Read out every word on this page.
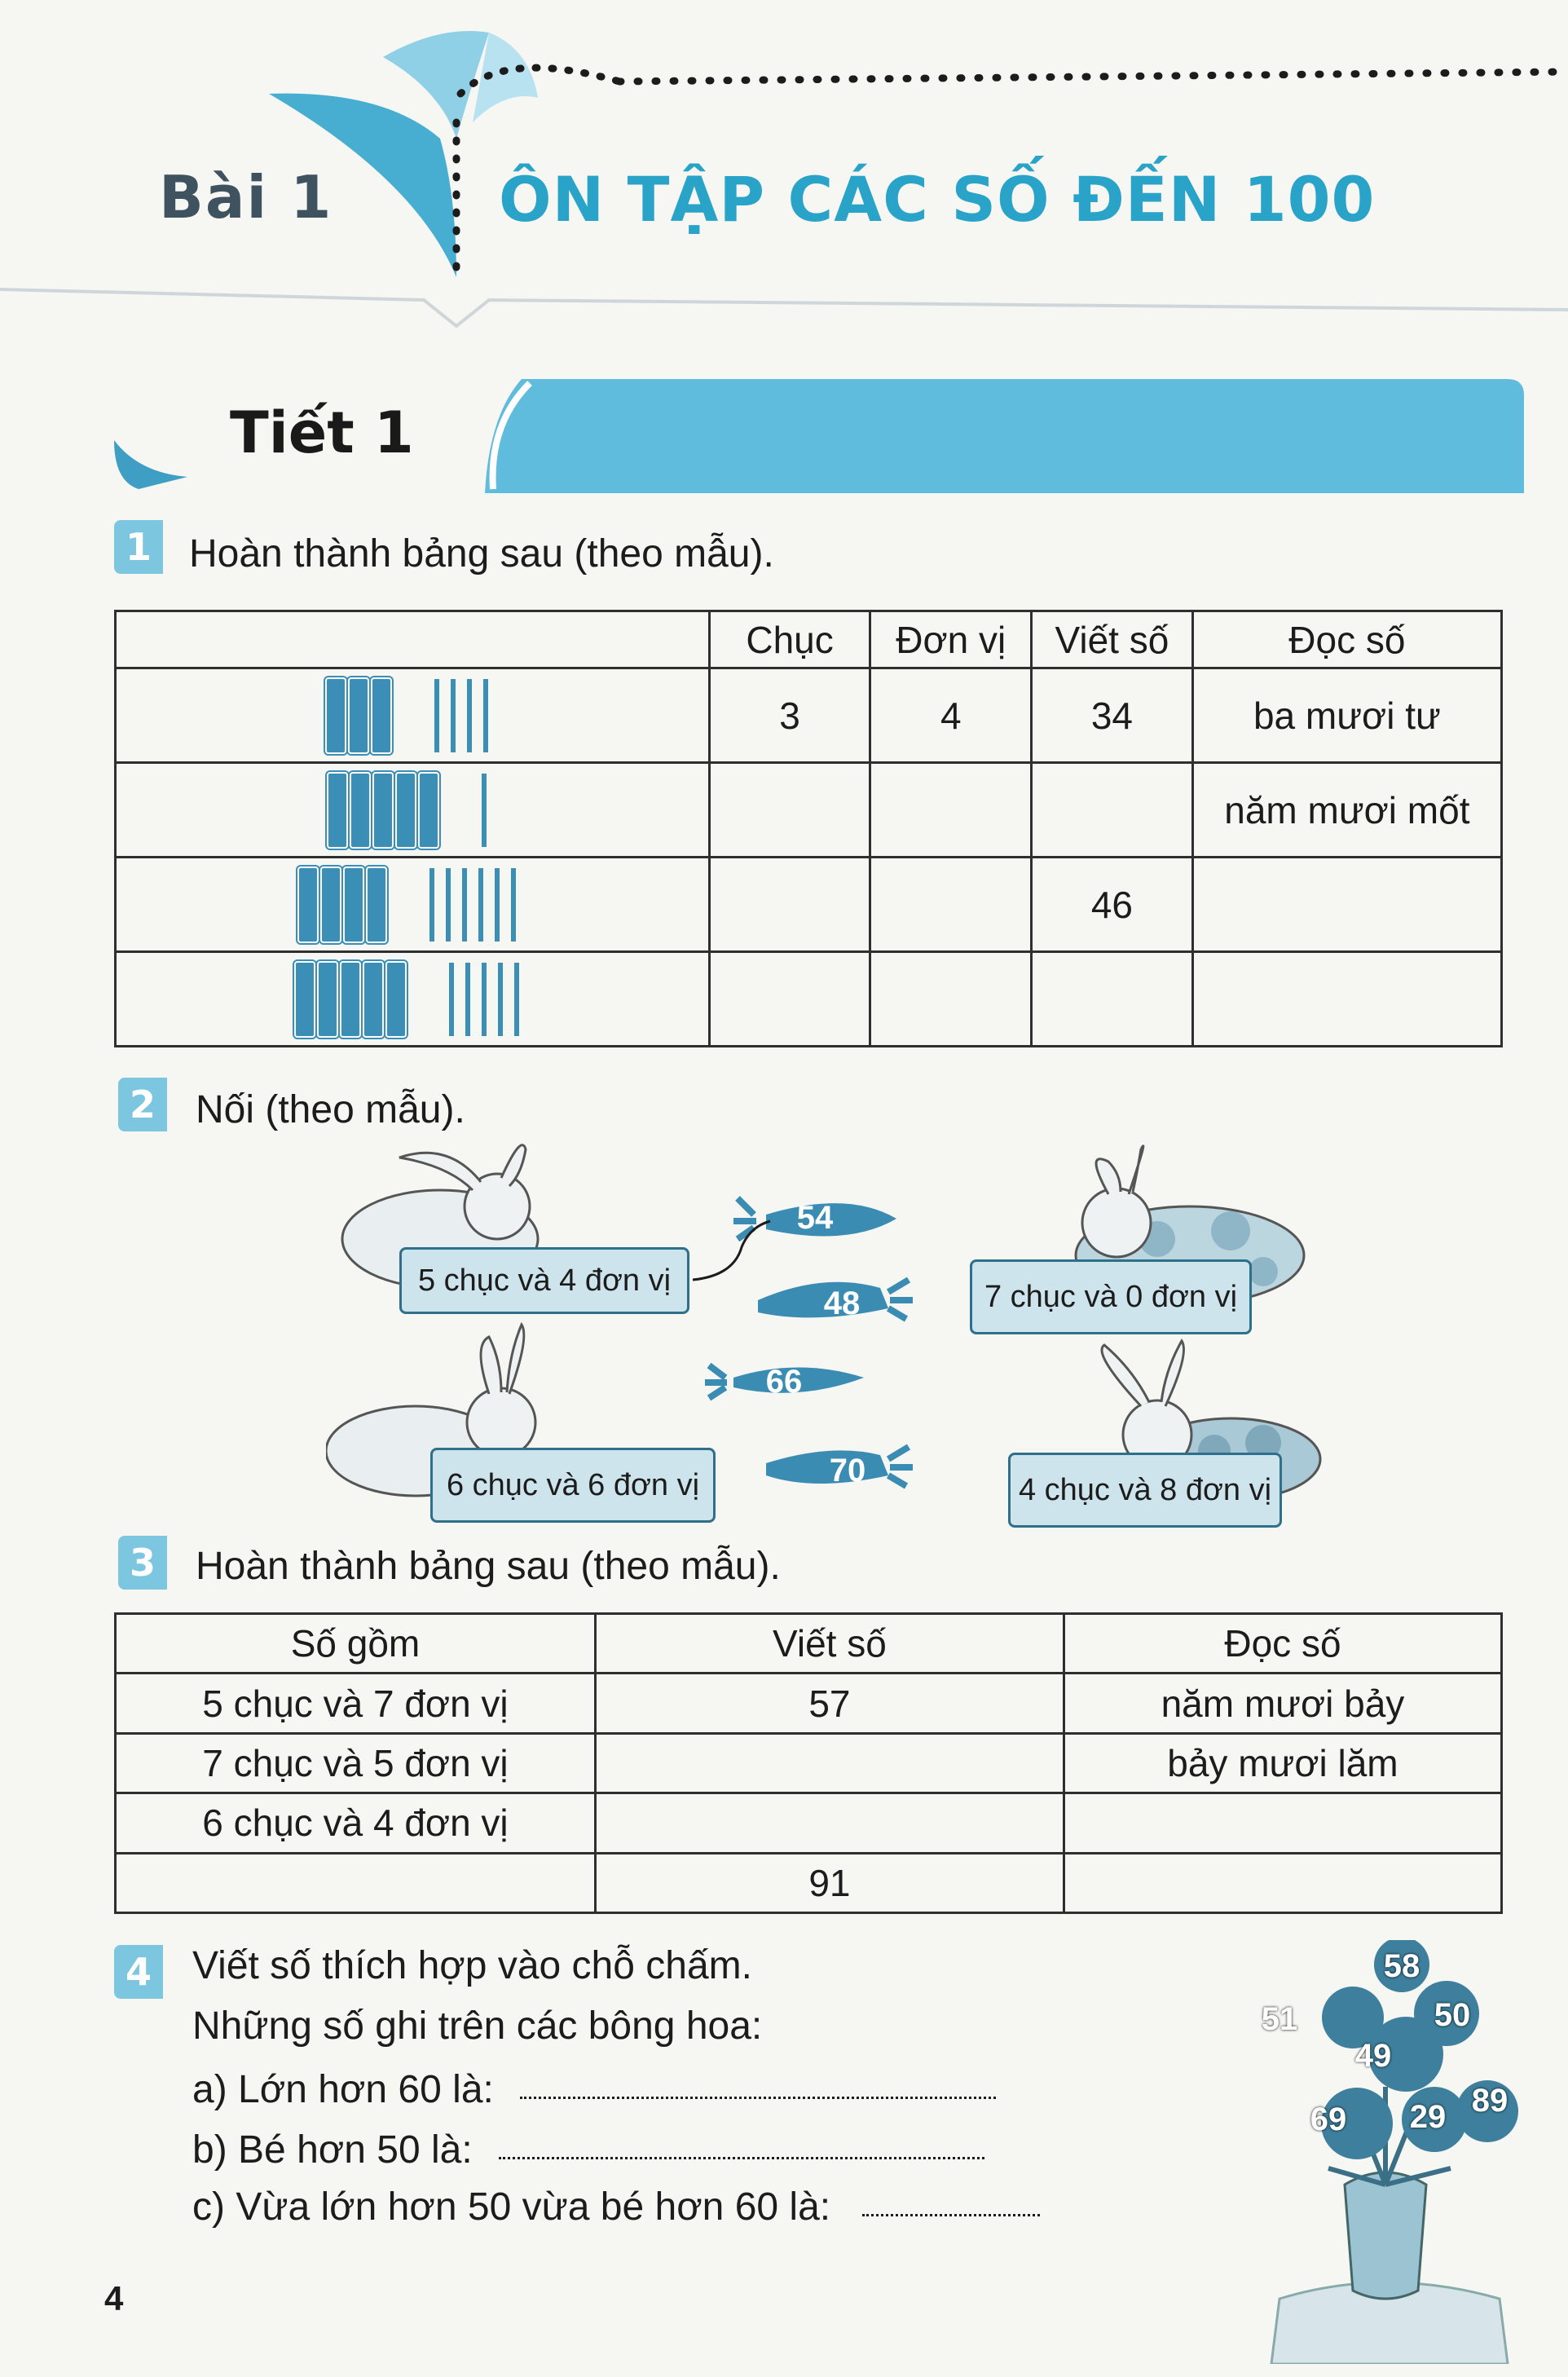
Bài 1	ÔN TẬP CÁC SỐ ĐẾN 100
Tiết 1
1 Hoàn thành bảng sau (theo mẫu).
	Chục	Đơn vị	Viết số	Đọc số

	3	4	34	ba mươi tư

				năm mươi mốt

			46	

2 Nối (theo mẫu).
5 chục và 4 đơn vị	7 chục và 0 đơn vị
6 chục và 6 đơn vị	4 chục và 8 đơn vị
54
48
66
70
3 Hoàn thành bảng sau (theo mẫu).
Số gồm	Viết số	Đọc số
5 chục và 7 đơn vị	57	năm mươi bảy
7 chục và 5 đơn vị		bảy mươi lăm
6 chục và 4 đơn vị		
	91	
4 Viết số thích hợp vào chỗ chấm.
Những số ghi trên các bông hoa:
a) Lớn hơn 60 là:
b) Bé hơn 50 là:
c) Vừa lớn hơn 50 vừa bé hơn 60 là:
58
51
49
50
69 29 89
4
